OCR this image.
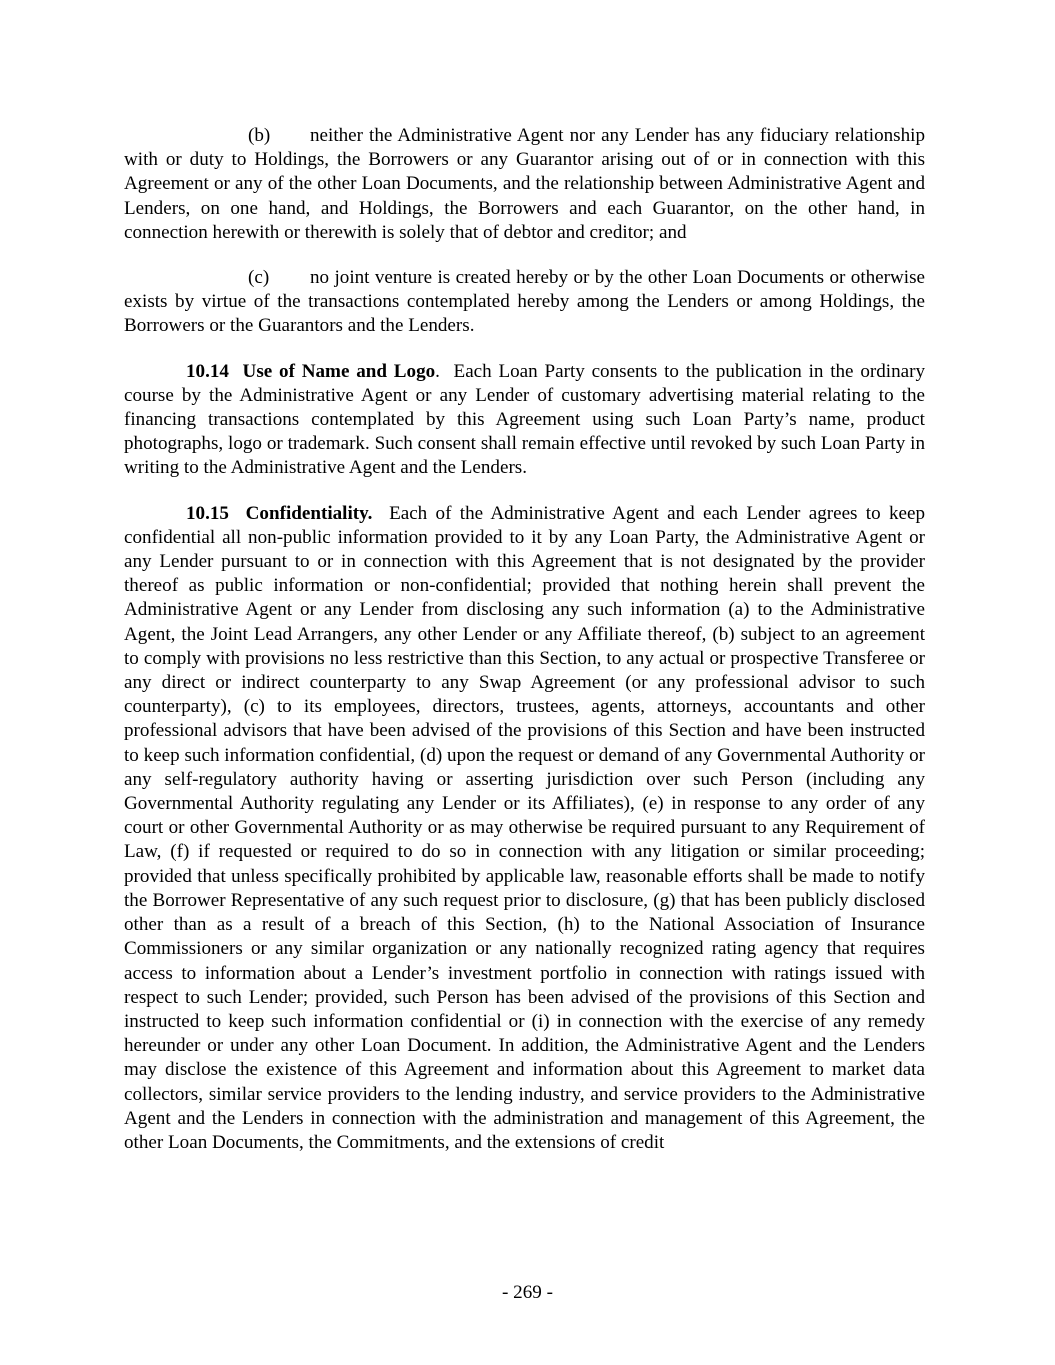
(b) neither the Administrative Agent nor any Lender has any fiduciary relationship with or duty to Holdings, the Borrowers or any Guarantor arising out of or in connection with this Agreement or any of the other Loan Documents, and the relationship between Administrative Agent and Lenders, on one hand, and Holdings, the Borrowers and each Guarantor, on the other hand, in connection herewith or therewith is solely that of debtor and creditor; and

(c) no joint venture is created hereby or by the other Loan Documents or otherwise exists by virtue of the transactions contemplated hereby among the Lenders or among Holdings, the Borrowers or the Guarantors and the Lenders.

10.14 Use of Name and Logo. Each Loan Party consents to the publication in the ordinary course by the Administrative Agent or any Lender of customary advertising material relating to the financing transactions contemplated by this Agreement using such Loan Party’s name, product photographs, logo or trademark. Such consent shall remain effective until revoked by such Loan Party in writing to the Administrative Agent and the Lenders.

10.15 Confidentiality. Each of the Administrative Agent and each Lender agrees to keep confidential all non-public information provided to it by any Loan Party, the Administrative Agent or any Lender pursuant to or in connection with this Agreement that is not designated by the provider thereof as public information or non-confidential; provided that nothing herein shall prevent the Administrative Agent or any Lender from disclosing any such information (a) to the Administrative Agent, the Joint Lead Arrangers, any other Lender or any Affiliate thereof, (b) subject to an agreement to comply with provisions no less restrictive than this Section, to any actual or prospective Transferee or any direct or indirect counterparty to any Swap Agreement (or any professional advisor to such counterparty), (c) to its employees, directors, trustees, agents, attorneys, accountants and other professional advisors that have been advised of the provisions of this Section and have been instructed to keep such information confidential, (d) upon the request or demand of any Governmental Authority or any self-regulatory authority having or asserting jurisdiction over such Person (including any Governmental Authority regulating any Lender or its Affiliates), (e) in response to any order of any court or other Governmental Authority or as may otherwise be required pursuant to any Requirement of Law, (f) if requested or required to do so in connection with any litigation or similar proceeding; provided that unless specifically prohibited by applicable law, reasonable efforts shall be made to notify the Borrower Representative of any such request prior to disclosure, (g) that has been publicly disclosed other than as a result of a breach of this Section, (h) to the National Association of Insurance Commissioners or any similar organization or any nationally recognized rating agency that requires access to information about a Lender’s investment portfolio in connection with ratings issued with respect to such Lender; provided, such Person has been advised of the provisions of this Section and instructed to keep such information confidential or (i) in connection with the exercise of any remedy hereunder or under any other Loan Document. In addition, the Administrative Agent and the Lenders may disclose the existence of this Agreement and information about this Agreement to market data collectors, similar service providers to the lending industry, and service providers to the Administrative Agent and the Lenders in connection with the administration and management of this Agreement, the other Loan Documents, the Commitments, and the extensions of credit

- 269 -
